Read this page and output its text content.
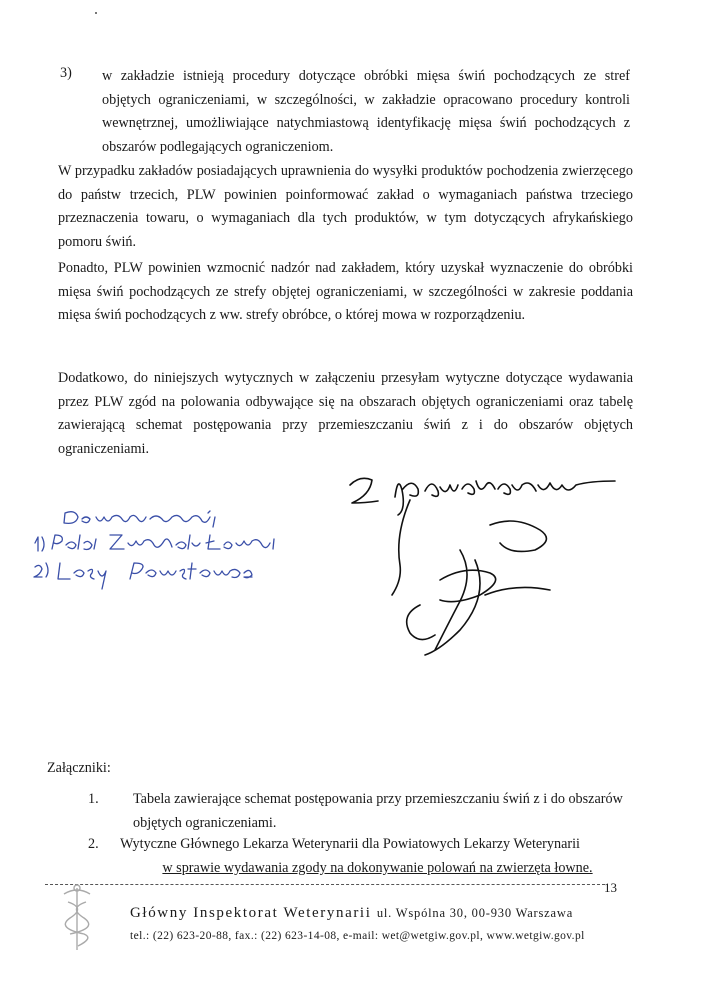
3) w zakładzie istnieją procedury dotyczące obróbki mięsa świń pochodzących ze stref objętych ograniczeniami, w szczególności, w zakładzie opracowano procedury kontroli wewnętrznej, umożliwiające natychmiastową identyfikację mięsa świń pochodzących z obszarów podlegających ograniczeniom.

W przypadku zakładów posiadających uprawnienia do wysyłki produktów pochodzenia zwierzęcego do państw trzecich, PLW powinien poinformować zakład o wymaganiach państwa trzeciego przeznaczenia towaru, o wymaganiach dla tych produktów, w tym dotyczących afrykańskiego pomoru świń.

Ponadto, PLW powinien wzmocnić nadzór nad zakładem, który uzyskał wyznaczenie do obróbki mięsa świń pochodzących ze strefy objętej ograniczeniami, w szczególności w zakresie poddania mięsa świń pochodzących z ww. strefy obróbce, o której mowa w rozporządzeniu.

Dodatkowo, do niniejszych wytycznych w załączeniu przesyłam wytyczne dotyczące wydawania przez PLW zgód na polowania odbywające się na obszarach objętych ograniczeniami oraz tabelę zawierającą schemat postępowania przy przemieszczaniu świń z i do obszarów objętych ograniczeniami.

Załączniki:

1. Tabela zawierające schemat postępowania przy przemieszczaniu świń z i do obszarów objętych ograniczeniami.

2. Wytyczne Głównego Lekarza Weterynarii dla Powiatowych Lekarzy Weterynarii
w sprawie wydawania zgody na dokonywanie polowań na zwierzęta łowne.

13

Główny Inspektorat Weterynarii ul. Wspólna 30, 00-930 Warszawa

tel.: (22) 623-20-88, fax.: (22) 623-14-08, e-mail: wet@wetgiw.gov.pl, www.wetgiw.gov.pl
